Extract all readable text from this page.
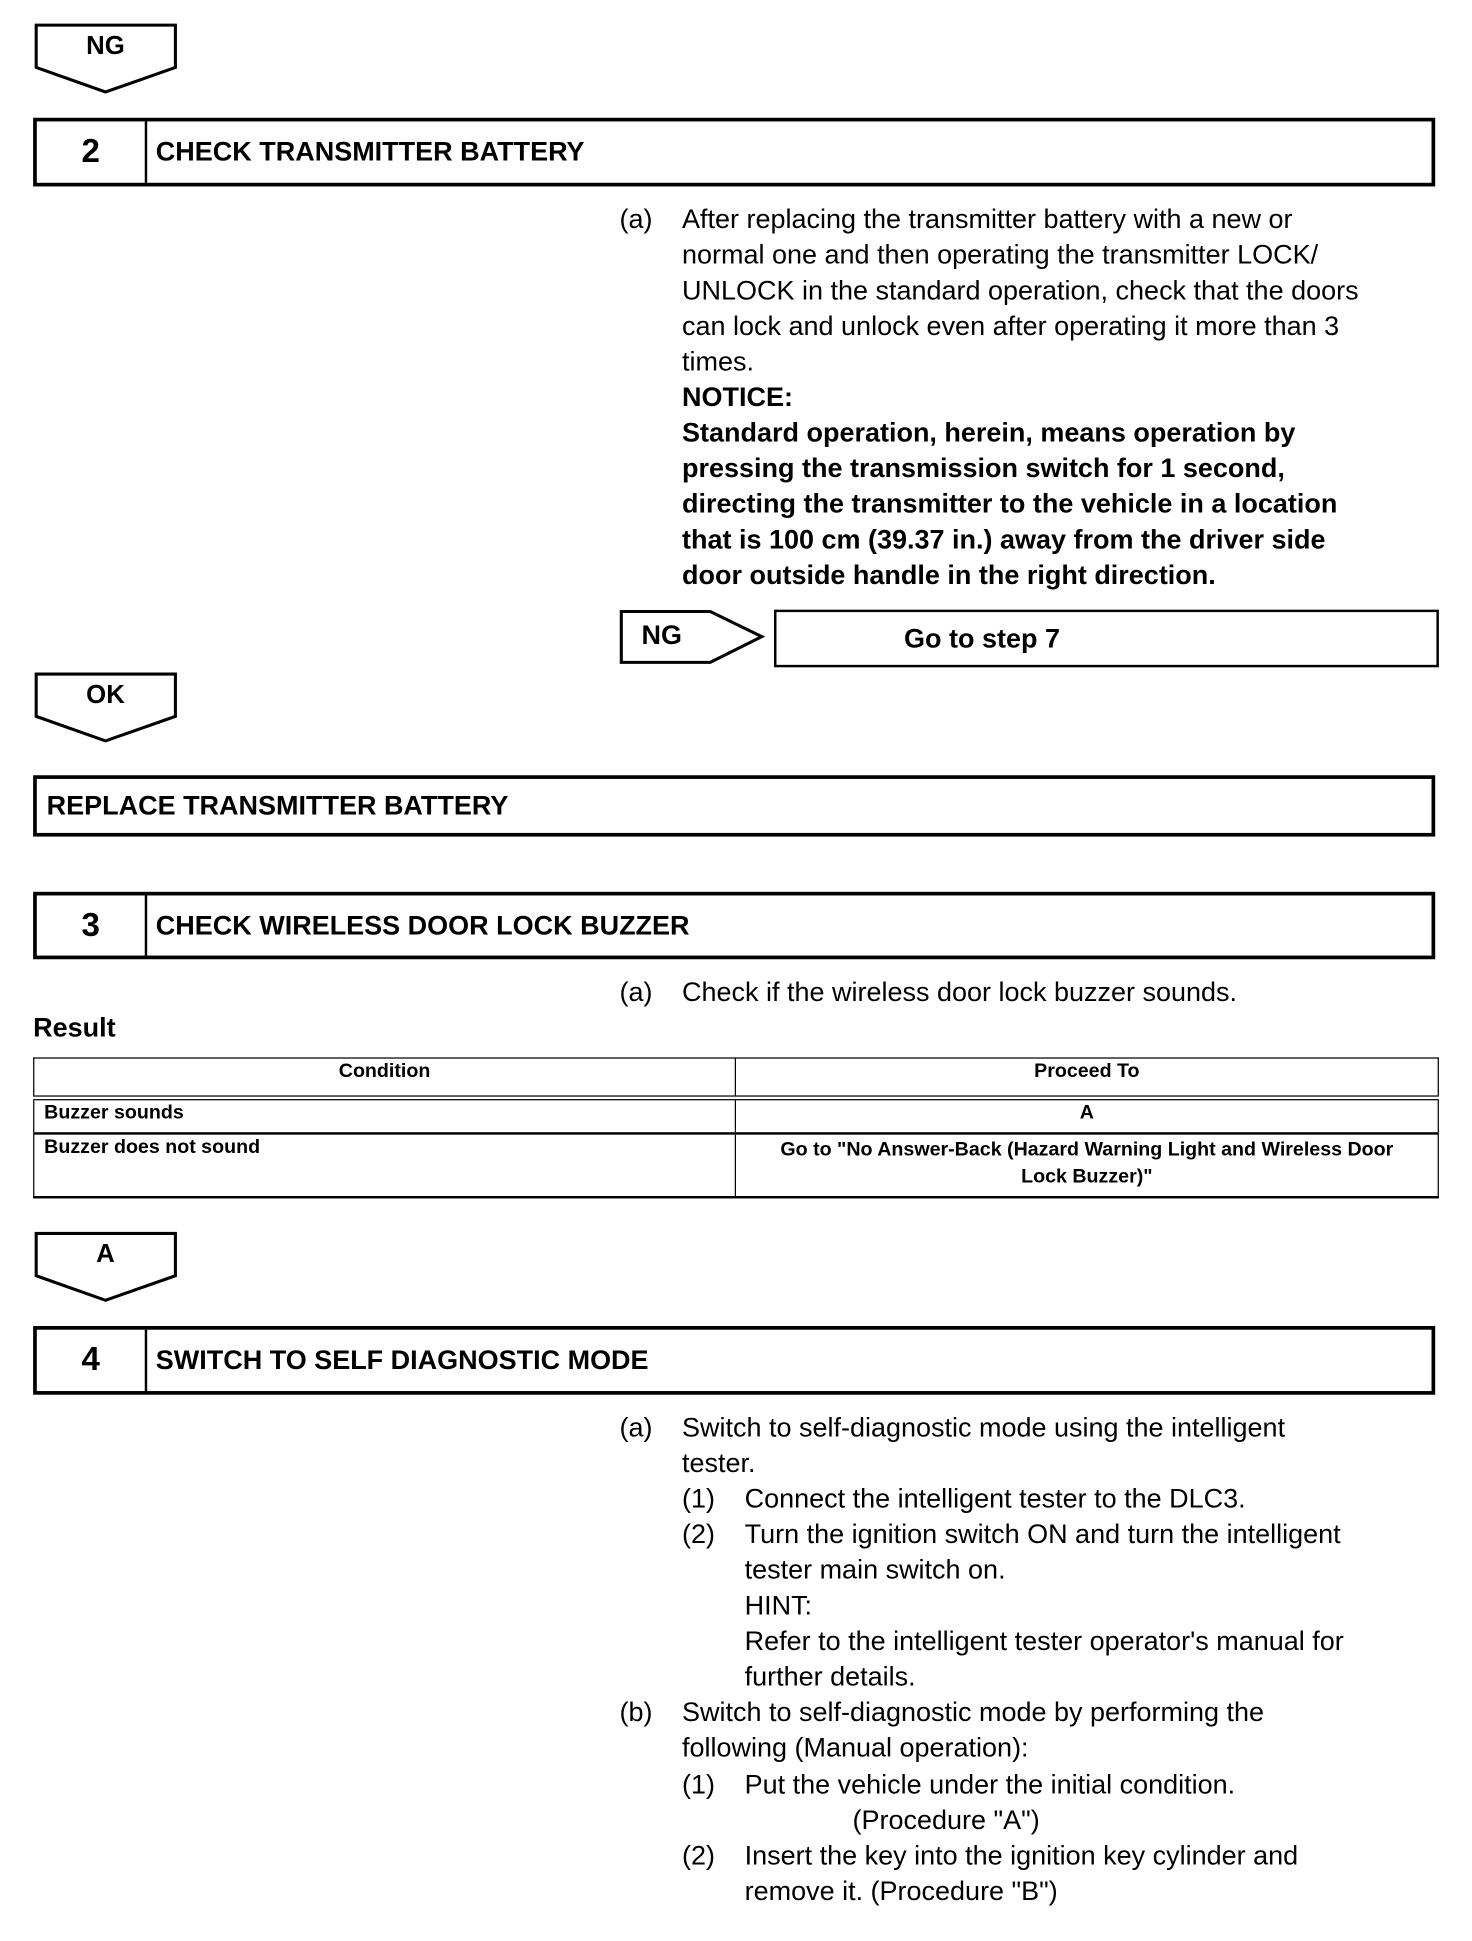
NG
2	CHECK TRANSMITTER BATTERY
(a) After replacing the transmitter battery with a new or
normal one and then operating the transmitter LOCK/
UNLOCK in the standard operation, check that the doors
can lock and unlock even after operating it more than 3
times.
NOTICE:
Standard operation, herein, means operation by
pressing the transmission switch for 1 second,
directing the transmitter to the vehicle in a location
that is 100 cm (39.37 in.) away from the driver side
door outside handle in the right direction.
NG	Go to step 7
OK
REPLACE TRANSMITTER BATTERY
3	CHECK WIRELESS DOOR LOCK BUZZER
(a) Check if the wireless door lock buzzer sounds.
Result
Condition	Proceed To
Buzzer sounds	A
Buzzer does not sound	Go to "No Answer-Back (Hazard Warning Light and Wireless Door Lock Buzzer)"
A
4	SWITCH TO SELF DIAGNOSTIC MODE
(a) Switch to self-diagnostic mode using the intelligent
tester.
(1) Connect the intelligent tester to the DLC3.
(2) Turn the ignition switch ON and turn the intelligent
tester main switch on.
HINT:
Refer to the intelligent tester operator's manual for
further details.
(b) Switch to self-diagnostic mode by performing the
following (Manual operation):
(1) Put the vehicle under the initial condition.
(Procedure "A")
(2) Insert the key into the ignition key cylinder and
remove it. (Procedure "B")
